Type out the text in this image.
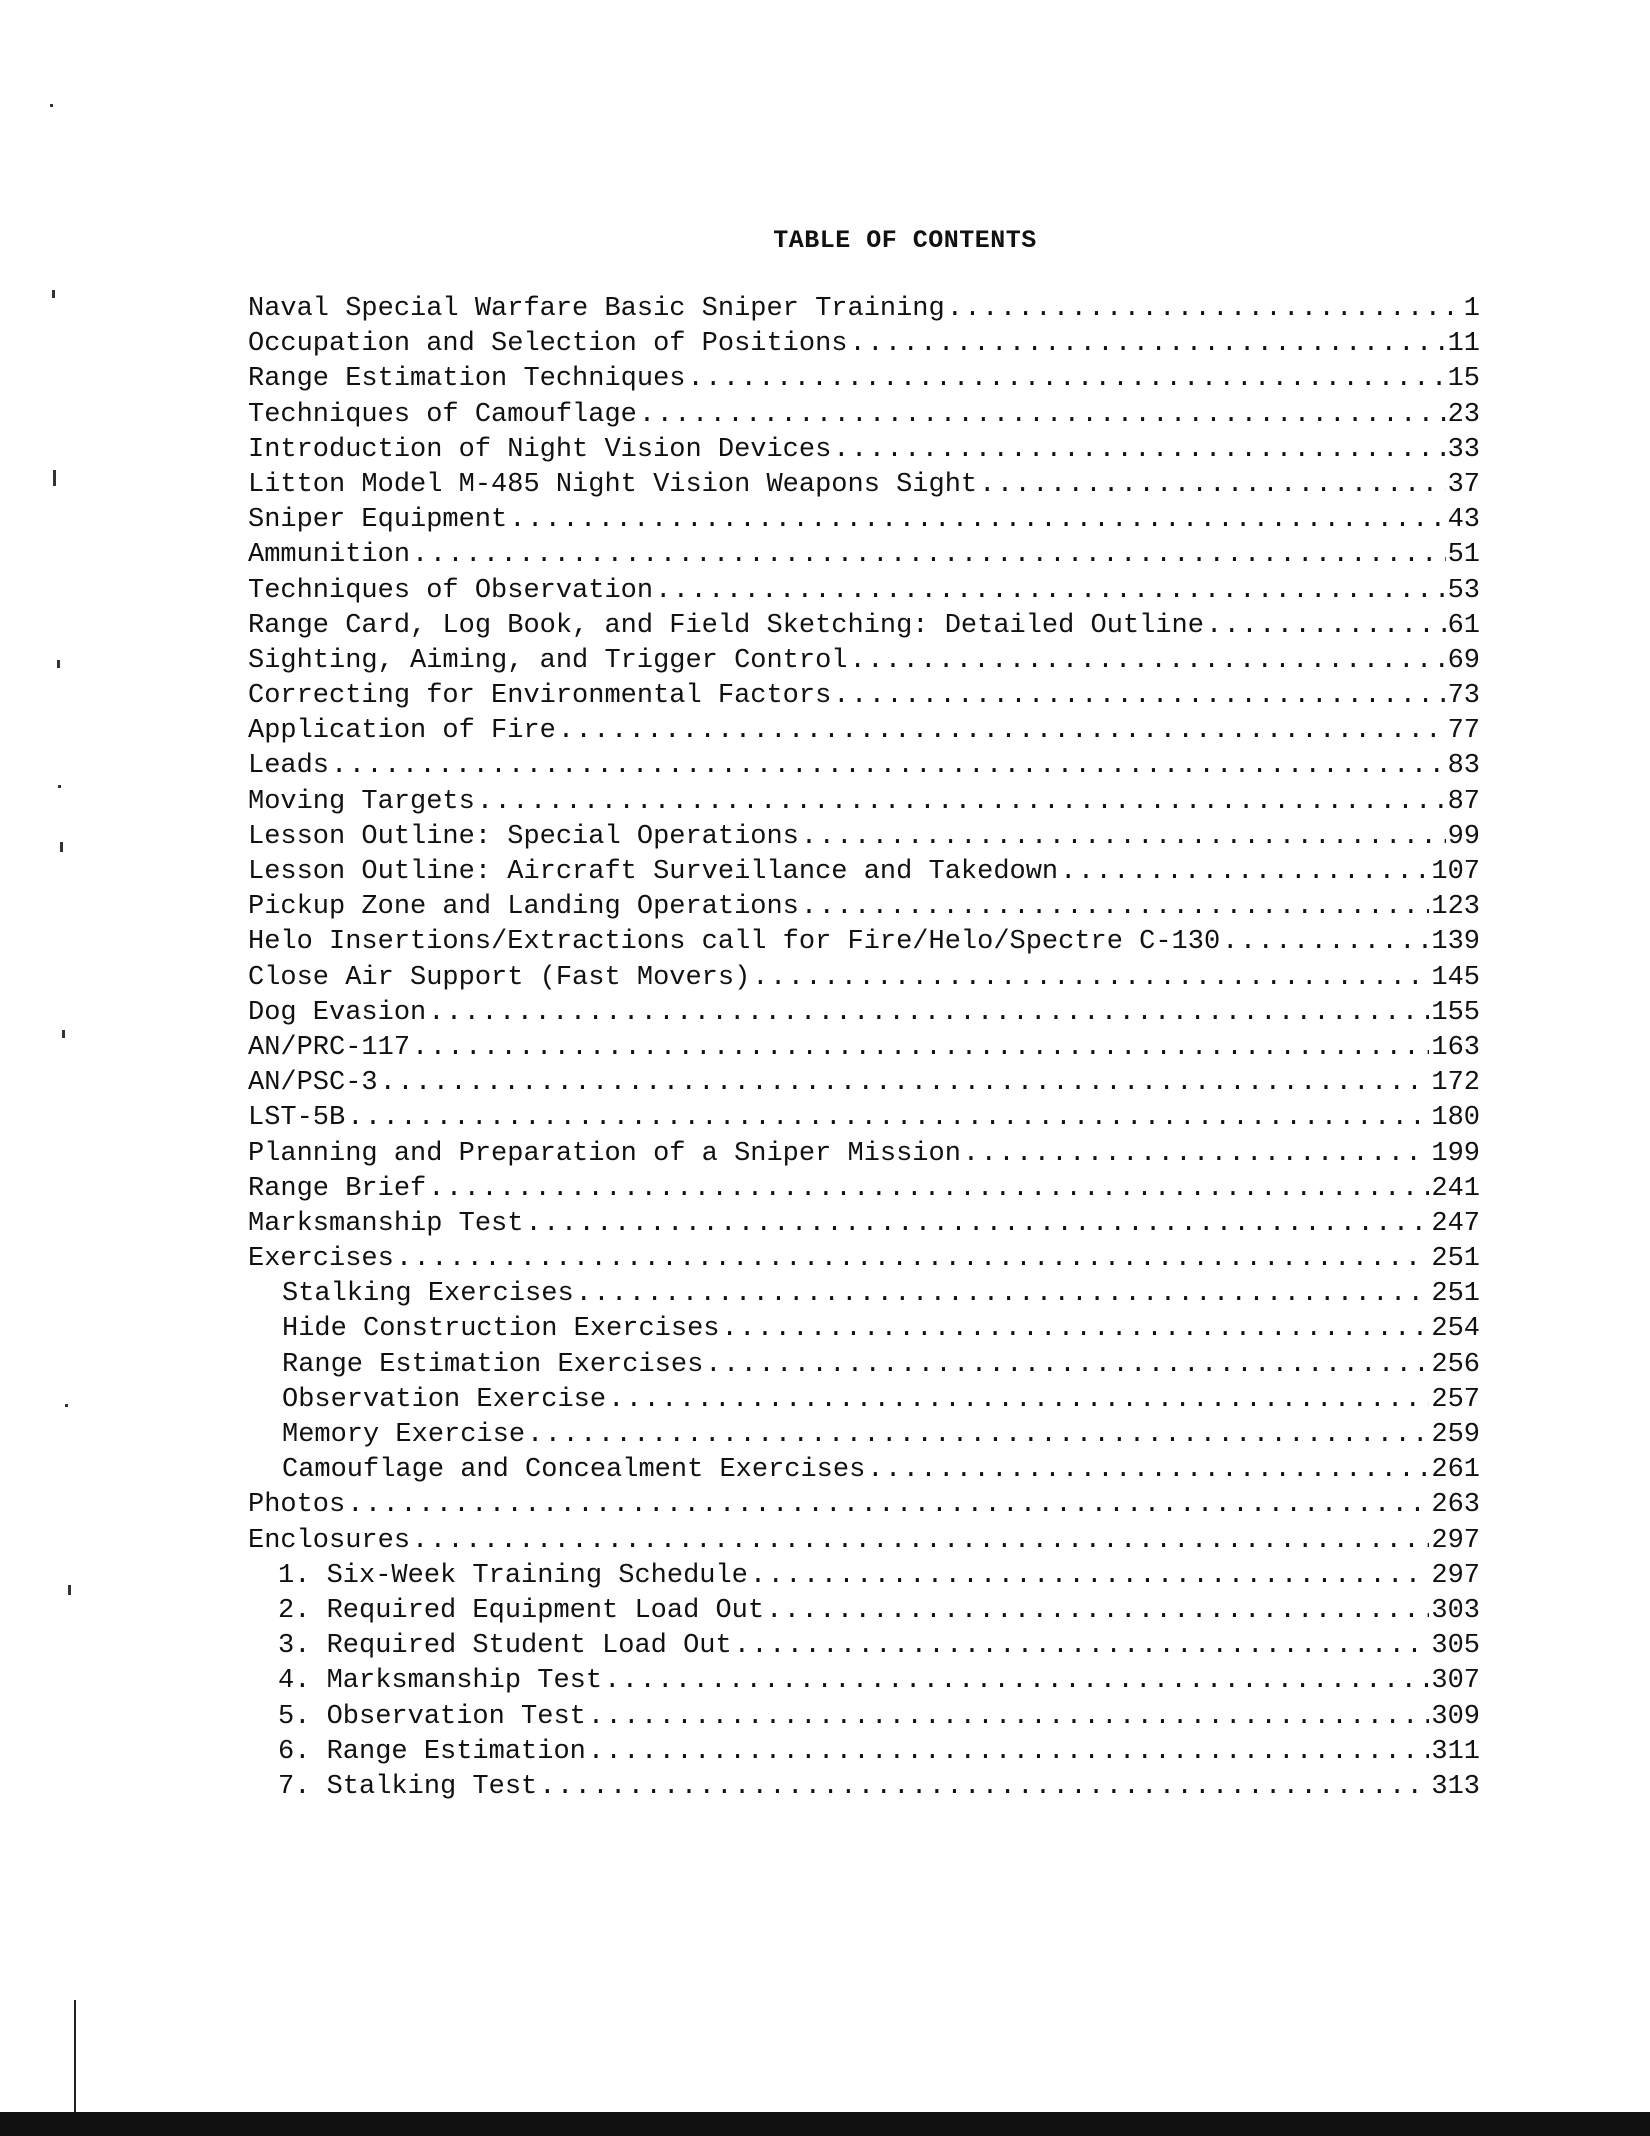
TABLE OF CONTENTS
Naval Special Warfare Basic Sniper Training .....	1
Occupation and Selection of Positions .....	11
Range Estimation Techniques .....	15
Techniques of Camouflage .....	23
Introduction of Night Vision Devices .....	33
Litton Model M-485 Night Vision Weapons Sight .....	37
Sniper Equipment .....	43
Ammunition .....	51
Techniques of Observation .....	53
Range Card, Log Book, and Field Sketching: Detailed Outline .....	61
Sighting, Aiming, and Trigger Control .....	69
Correcting for Environmental Factors .....	73
Application of Fire .....	77
Leads .....	83
Moving Targets .....	87
Lesson Outline: Special Operations .....	99
Lesson Outline: Aircraft Surveillance and Takedown .....	107
Pickup Zone and Landing Operations .....	123
Helo Insertions/Extractions call for Fire/Helo/Spectre C-130 .....	139
Close Air Support (Fast Movers) .....	145
Dog Evasion .....	155
AN/PRC-117 .....	163
AN/PSC-3 .....	172
LST-5B .....	180
Planning and Preparation of a Sniper Mission .....	199
Range Brief .....	241
Marksmanship Test .....	247
Exercises .....	251
Stalking Exercises .....	251
Hide Construction Exercises .....	254
Range Estimation Exercises .....	256
Observation Exercise .....	257
Memory Exercise .....	259
Camouflage and Concealment Exercises .....	261
Photos .....	263
Enclosures .....	297
1. Six-Week Training Schedule .....	297
2. Required Equipment Load Out .....	303
3. Required Student Load Out .....	305
4. Marksmanship Test .....	307
5. Observation Test .....	309
6. Range Estimation .....	311
7. Stalking Test .....	313
